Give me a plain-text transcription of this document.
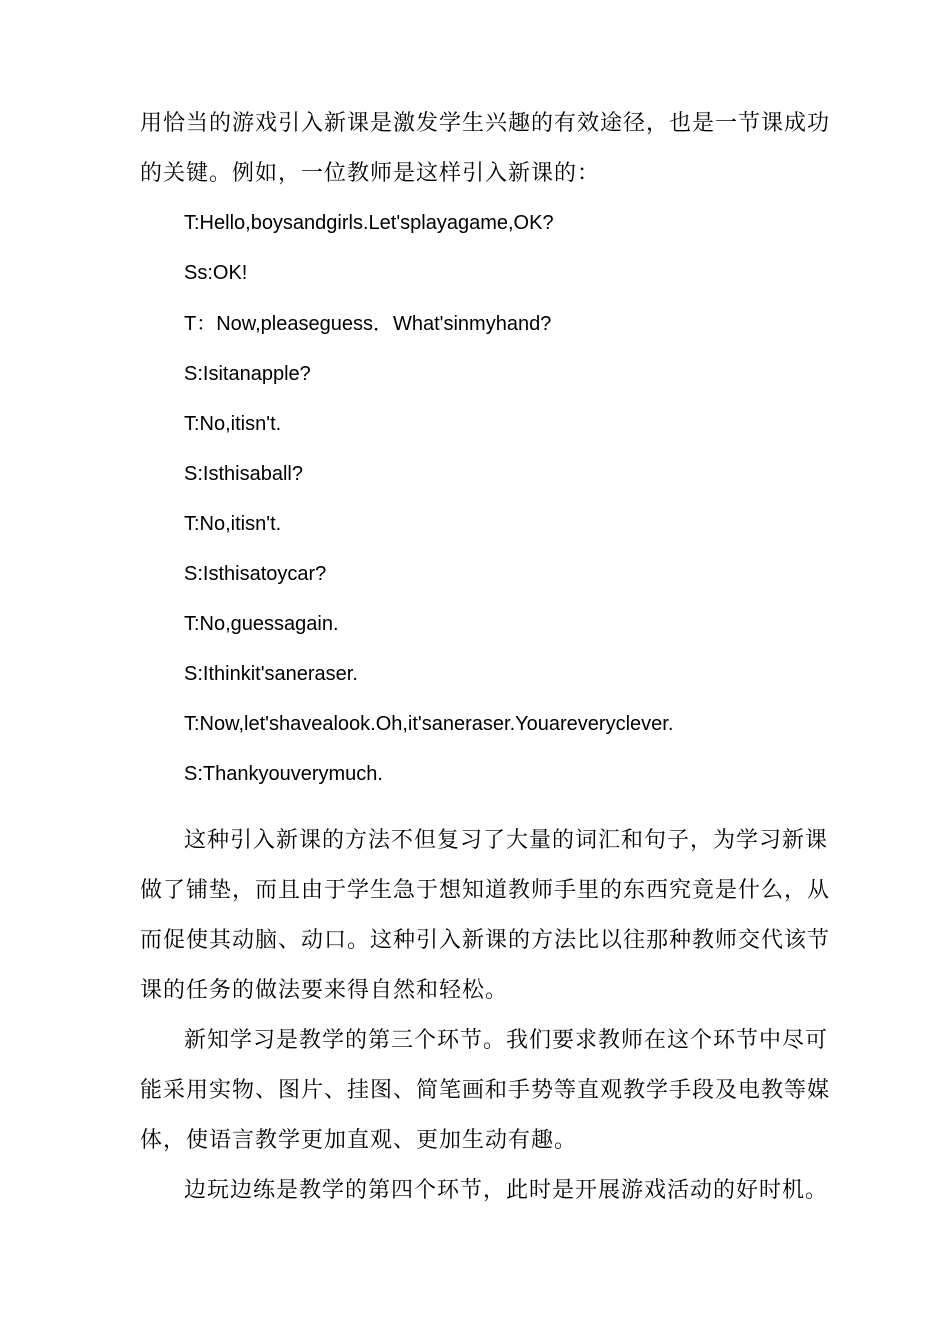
用恰当的游戏引入新课是激发学生兴趣的有效途径，也是一节课成功

的关键。例如，一位教师是这样引入新课的：

T:Hello,boysandgirls.Let'splayagame,OK?

Ss:OK!

T：Now,pleaseguess．What'sinmyhand?

S:Isitanapple?

T:No,itisn't.

S:Isthisaball?

T:No,itisn't.

S:Isthisatoycar?

T:No,guessagain.

S:Ithinkit'saneraser.

T:Now,let'shavealook.Oh,it'saneraser.Youareveryclever.

S:Thankyouverymuch.

这种引入新课的方法不但复习了大量的词汇和句子，为学习新课

做了铺垫，而且由于学生急于想知道教师手里的东西究竟是什么，从

而促使其动脑、动口。这种引入新课的方法比以往那种教师交代该节

课的任务的做法要来得自然和轻松。

新知学习是教学的第三个环节。我们要求教师在这个环节中尽可

能采用实物、图片、挂图、简笔画和手势等直观教学手段及电教等媒

体，使语言教学更加直观、更加生动有趣。

边玩边练是教学的第四个环节，此时是开展游戏活动的好时机。
